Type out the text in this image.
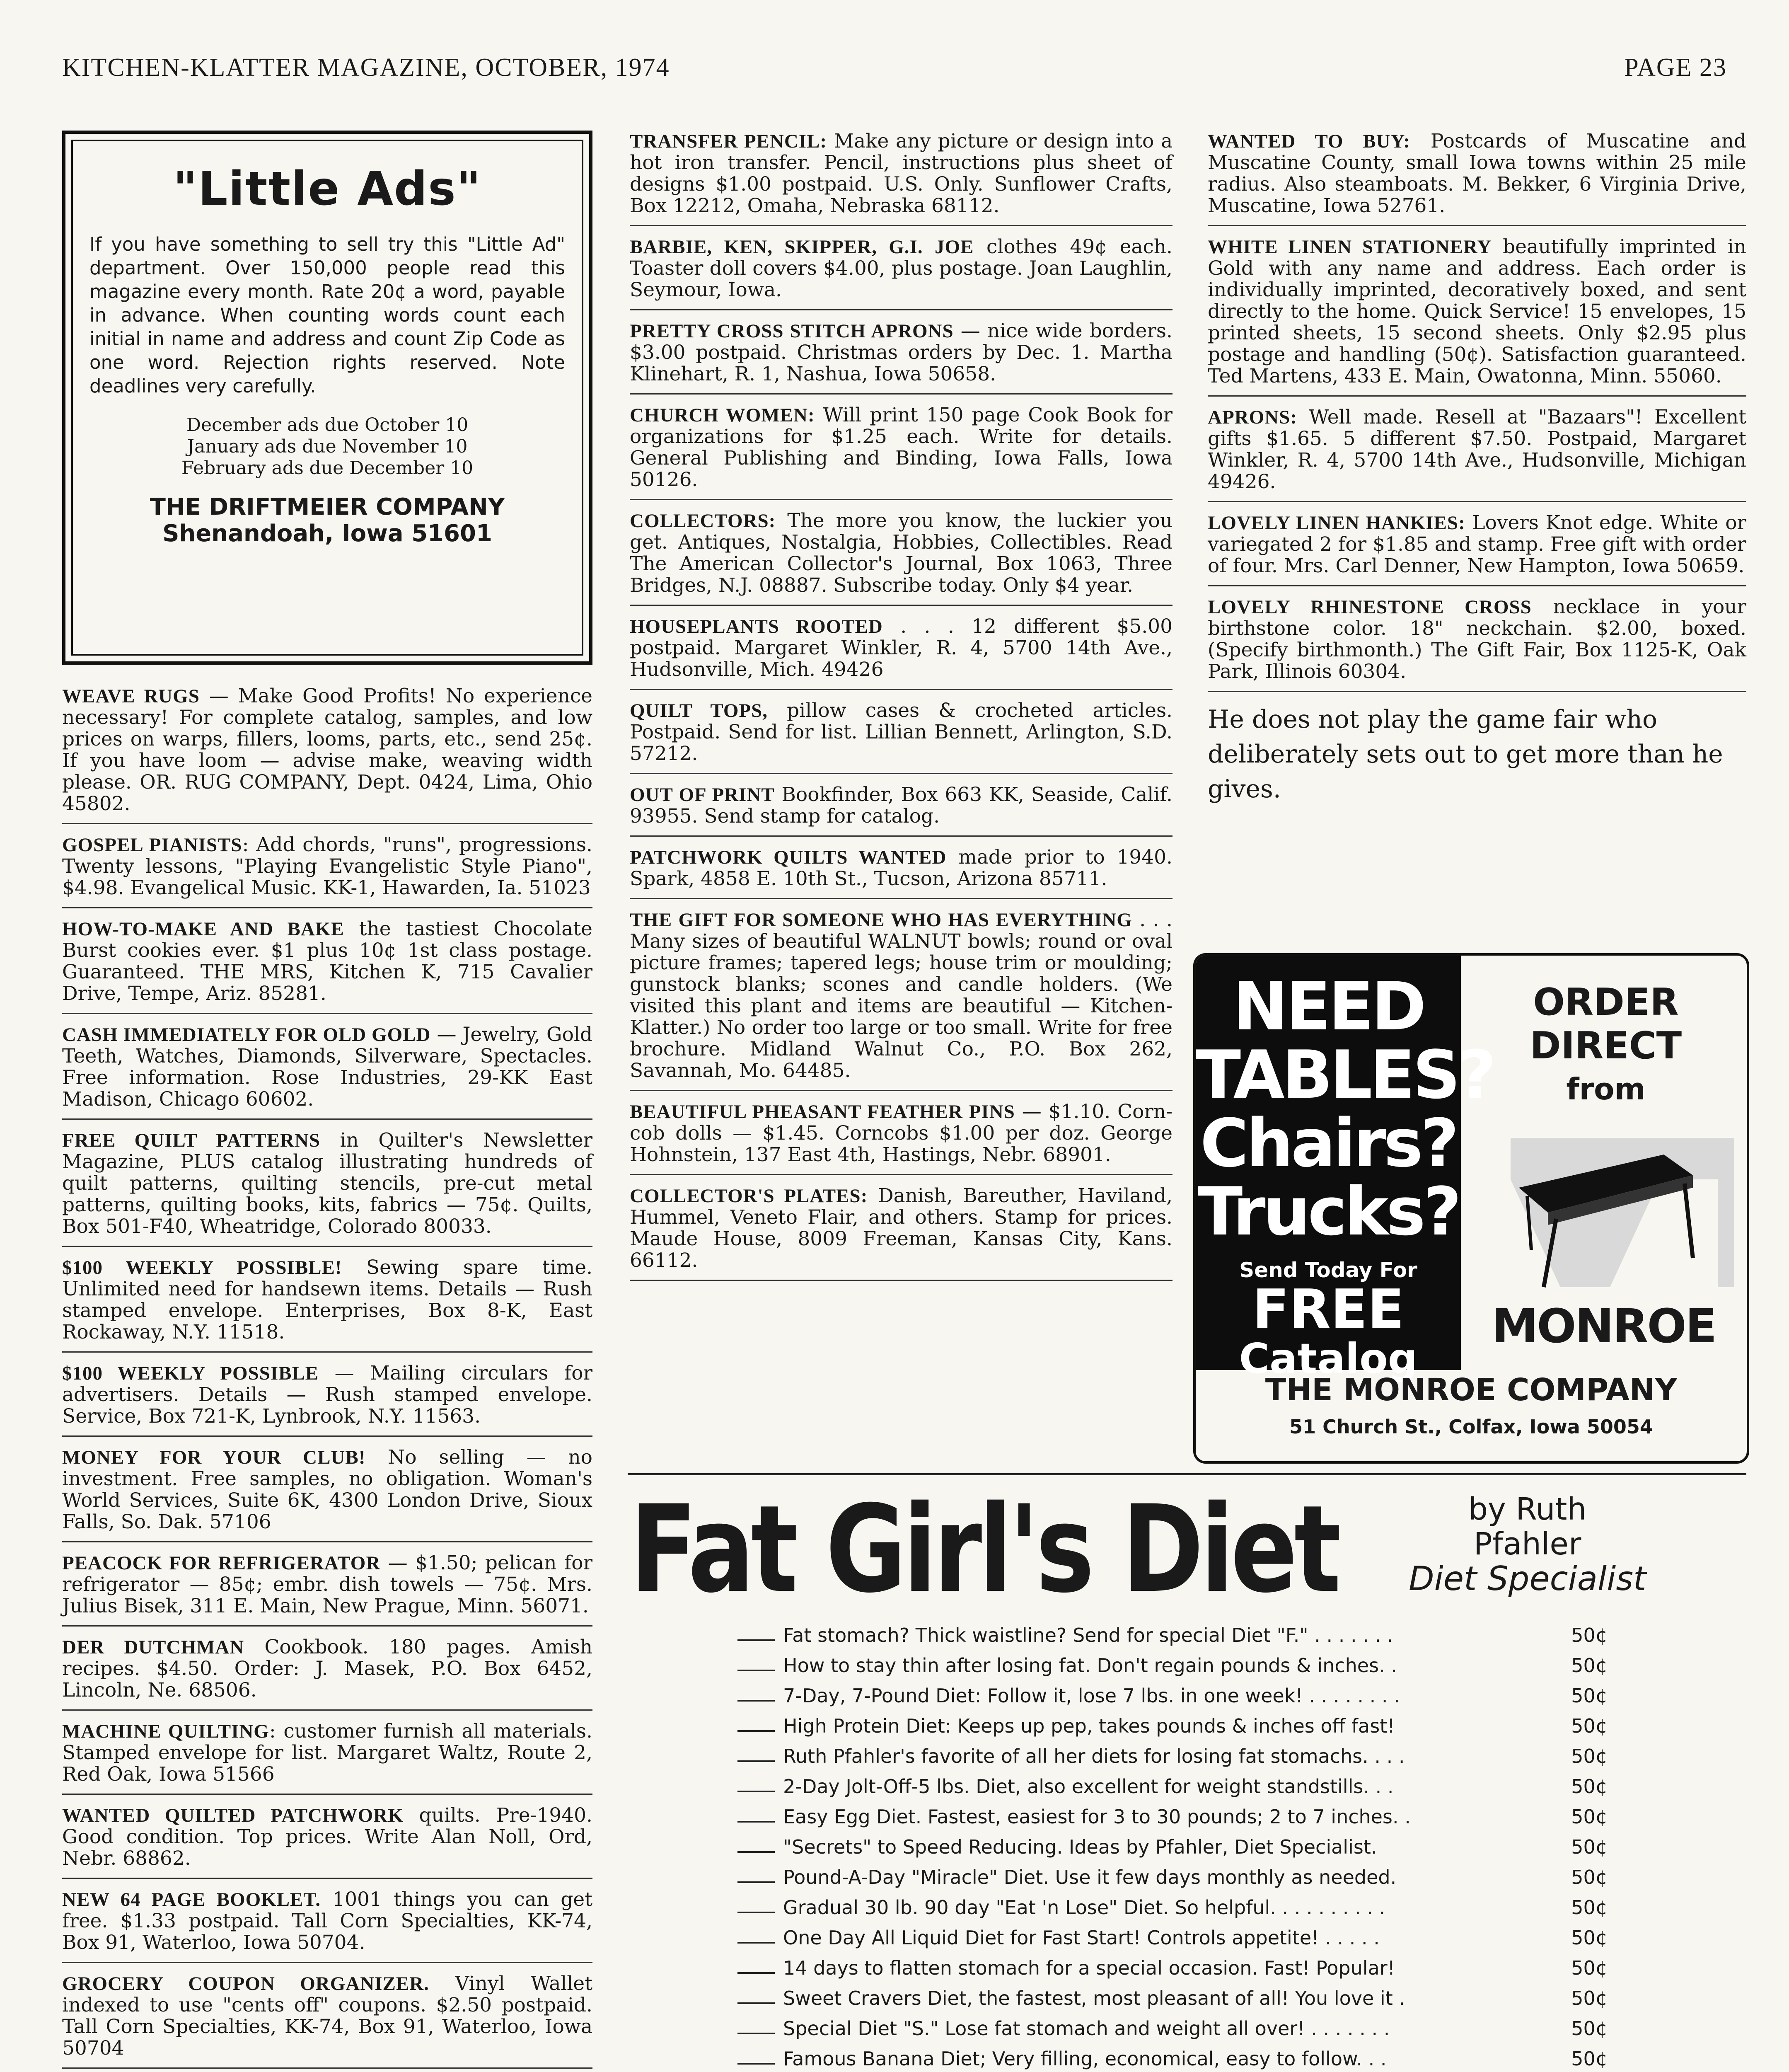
KITCHEN-KLATTER MAGAZINE, OCTOBER, 1974	PAGE 23
"Little Ads"
If you have something to sell try this "Little Ad" department. Over 150,000 people read this magazine every month. Rate 20¢ a word, payable in advance. When counting words count each initial in name and address and count Zip Code as one word. Rejection rights reserved. Note deadlines very carefully.
December ads due October 10
January ads due November 10
February ads due December 10
THE DRIFTMEIER COMPANY
Shenandoah, Iowa 51601
WEAVE RUGS — Make Good Profits! No experience necessary! For complete catalog, samples, and low prices on warps, fillers, looms, parts, etc., send 25¢. If you have loom — advise make, weaving width please. OR. RUG COMPANY, Dept. 0424, Lima, Ohio 45802.
GOSPEL PIANISTS: Add chords, "runs", progressions. Twenty lessons, "Playing Evangelistic Style Piano", $4.98. Evangelical Music. KK-1, Hawarden, Ia. 51023
HOW-TO-MAKE AND BAKE the tastiest Chocolate Burst cookies ever. $1 plus 10¢ 1st class postage. Guaranteed. THE MRS, Kitchen K, 715 Cavalier Drive, Tempe, Ariz. 85281.
CASH IMMEDIATELY FOR OLD GOLD — Jewelry, Gold Teeth, Watches, Diamonds, Silverware, Spectacles. Free information. Rose Industries, 29-KK East Madison, Chicago 60602.
FREE QUILT PATTERNS in Quilter's Newsletter Magazine, PLUS catalog illustrating hundreds of quilt patterns, quilting stencils, pre-cut metal patterns, quilting books, kits, fabrics — 75¢. Quilts, Box 501-F40, Wheatridge, Colorado 80033.
$100 WEEKLY POSSIBLE! Sewing spare time. Unlimited need for handsewn items. Details — Rush stamped envelope. Enterprises, Box 8-K, East Rockaway, N.Y. 11518.
$100 WEEKLY POSSIBLE — Mailing circulars for advertisers. Details — Rush stamped envelope. Service, Box 721-K, Lynbrook, N.Y. 11563.
MONEY FOR YOUR CLUB! No selling — no investment. Free samples, no obligation. Woman's World Services, Suite 6K, 4300 London Drive, Sioux Falls, So. Dak. 57106
PEACOCK FOR REFRIGERATOR — $1.50; pelican for refrigerator — 85¢; embr. dish towels — 75¢. Mrs. Julius Bisek, 311 E. Main, New Prague, Minn. 56071.
DER DUTCHMAN Cookbook. 180 pages. Amish recipes. $4.50. Order: J. Masek, P.O. Box 6452, Lincoln, Ne. 68506.
MACHINE QUILTING: customer furnish all materials. Stamped envelope for list. Margaret Waltz, Route 2, Red Oak, Iowa 51566
WANTED QUILTED PATCHWORK quilts. Pre-1940. Good condition. Top prices. Write Alan Noll, Ord, Nebr. 68862.
NEW 64 PAGE BOOKLET. 1001 things you can get free. $1.33 postpaid. Tall Corn Specialties, KK-74, Box 91, Waterloo, Iowa 50704.
GROCERY COUPON ORGANIZER. Vinyl Wallet indexed to use "cents off" coupons. $2.50 postpaid. Tall Corn Specialties, KK-74, Box 91, Waterloo, Iowa 50704
TRANSFER PENCIL: Make any picture or design into a hot iron transfer. Pencil, instructions plus sheet of designs $1.00 postpaid. U.S. Only. Sunflower Crafts, Box 12212, Omaha, Nebraska 68112.
BARBIE, KEN, SKIPPER, G.I. JOE clothes 49¢ each. Toaster doll covers $4.00, plus postage. Joan Laughlin, Seymour, Iowa.
PRETTY CROSS STITCH APRONS — nice wide borders. $3.00 postpaid. Christmas orders by Dec. 1. Martha Klinehart, R. 1, Nashua, Iowa 50658.
CHURCH WOMEN: Will print 150 page Cook Book for organizations for $1.25 each. Write for details. General Publishing and Binding, Iowa Falls, Iowa 50126.
COLLECTORS: The more you know, the luckier you get. Antiques, Nostalgia, Hobbies, Collectibles. Read The American Collector's Journal, Box 1063, Three Bridges, N.J. 08887. Subscribe today. Only $4 year.
HOUSEPLANTS ROOTED . . . 12 different $5.00 postpaid. Margaret Winkler, R. 4, 5700 14th Ave., Hudsonville, Mich. 49426
QUILT TOPS, pillow cases & crocheted articles. Postpaid. Send for list. Lillian Bennett, Arlington, S.D. 57212.
OUT OF PRINT Bookfinder, Box 663 KK, Seaside, Calif. 93955. Send stamp for catalog.
PATCHWORK QUILTS WANTED made prior to 1940. Spark, 4858 E. 10th St., Tucson, Arizona 85711.
THE GIFT FOR SOMEONE WHO HAS EVERYTHING . . . Many sizes of beautiful WALNUT bowls; round or oval picture frames; tapered legs; house trim or moulding; gunstock blanks; scones and candle holders. (We visited this plant and items are beautiful — Kitchen-Klatter.) No order too large or too small. Write for free brochure. Midland Walnut Co., P.O. Box 262, Savannah, Mo. 64485.
BEAUTIFUL PHEASANT FEATHER PINS — $1.10. Corn-cob dolls — $1.45. Corncobs $1.00 per doz. George Hohnstein, 137 East 4th, Hastings, Nebr. 68901.
COLLECTOR'S PLATES: Danish, Bareuther, Haviland, Hummel, Veneto Flair, and others. Stamp for prices. Maude House, 8009 Freeman, Kansas City, Kans. 66112.
WANTED TO BUY: Postcards of Muscatine and Muscatine County, small Iowa towns within 25 mile radius. Also steamboats. M. Bekker, 6 Virginia Drive, Muscatine, Iowa 52761.
WHITE LINEN STATIONERY beautifully imprinted in Gold with any name and address. Each order is individually imprinted, decoratively boxed, and sent directly to the home. Quick Service! 15 envelopes, 15 printed sheets, 15 second sheets. Only $2.95 plus postage and handling (50¢). Satisfaction guaranteed. Ted Martens, 433 E. Main, Owatonna, Minn. 55060.
APRONS: Well made. Resell at "Bazaars"! Excellent gifts $1.65. 5 different $7.50. Postpaid, Margaret Winkler, R. 4, 5700 14th Ave., Hudsonville, Michigan 49426.
LOVELY LINEN HANKIES: Lovers Knot edge. White or variegated 2 for $1.85 and stamp. Free gift with order of four. Mrs. Carl Denner, New Hampton, Iowa 50659.
LOVELY RHINESTONE CROSS necklace in your birthstone color. 18" neckchain. $2.00, boxed. (Specify birthmonth.) The Gift Fair, Box 1125-K, Oak Park, Illinois 60304.
He does not play the game fair who deliberately sets out to get more than he gives.
NEED
TABLES?
Chairs?
Trucks?
Send Today For
FREE
Catalog
ORDER
DIRECT
from
MONROE
THE MONROE COMPANY
51 Church St., Colfax, Iowa 50054
Fat Girl's Diet	by Ruth
Pfahler
Diet Specialist
Fat stomach? Thick waistline? Send for special Diet "F." . . . . . . .	50¢
How to stay thin after losing fat. Don't regain pounds & inches. .	50¢
7-Day, 7-Pound Diet: Follow it, lose 7 lbs. in one week! . . . . . . . .	50¢
High Protein Diet: Keeps up pep, takes pounds & inches off fast!	50¢
Ruth Pfahler's favorite of all her diets for losing fat stomachs. . . .	50¢
2-Day Jolt-Off-5 lbs. Diet, also excellent for weight standstills. . .	50¢
Easy Egg Diet. Fastest, easiest for 3 to 30 pounds; 2 to 7 inches. .	50¢
"Secrets" to Speed Reducing. Ideas by Pfahler, Diet Specialist.	50¢
Pound-A-Day "Miracle" Diet. Use it few days monthly as needed.	50¢
Gradual 30 lb. 90 day "Eat 'n Lose" Diet. So helpful. . . . . . . . . .	50¢
One Day All Liquid Diet for Fast Start! Controls appetite! . . . . .	50¢
14 days to flatten stomach for a special occasion. Fast! Popular!	50¢
Sweet Cravers Diet, the fastest, most pleasant of all! You love it .	50¢
Special Diet "S." Lose fat stomach and weight all over! . . . . . . .	50¢
Famous Banana Diet; Very filling, economical, easy to follow. . .	50¢
